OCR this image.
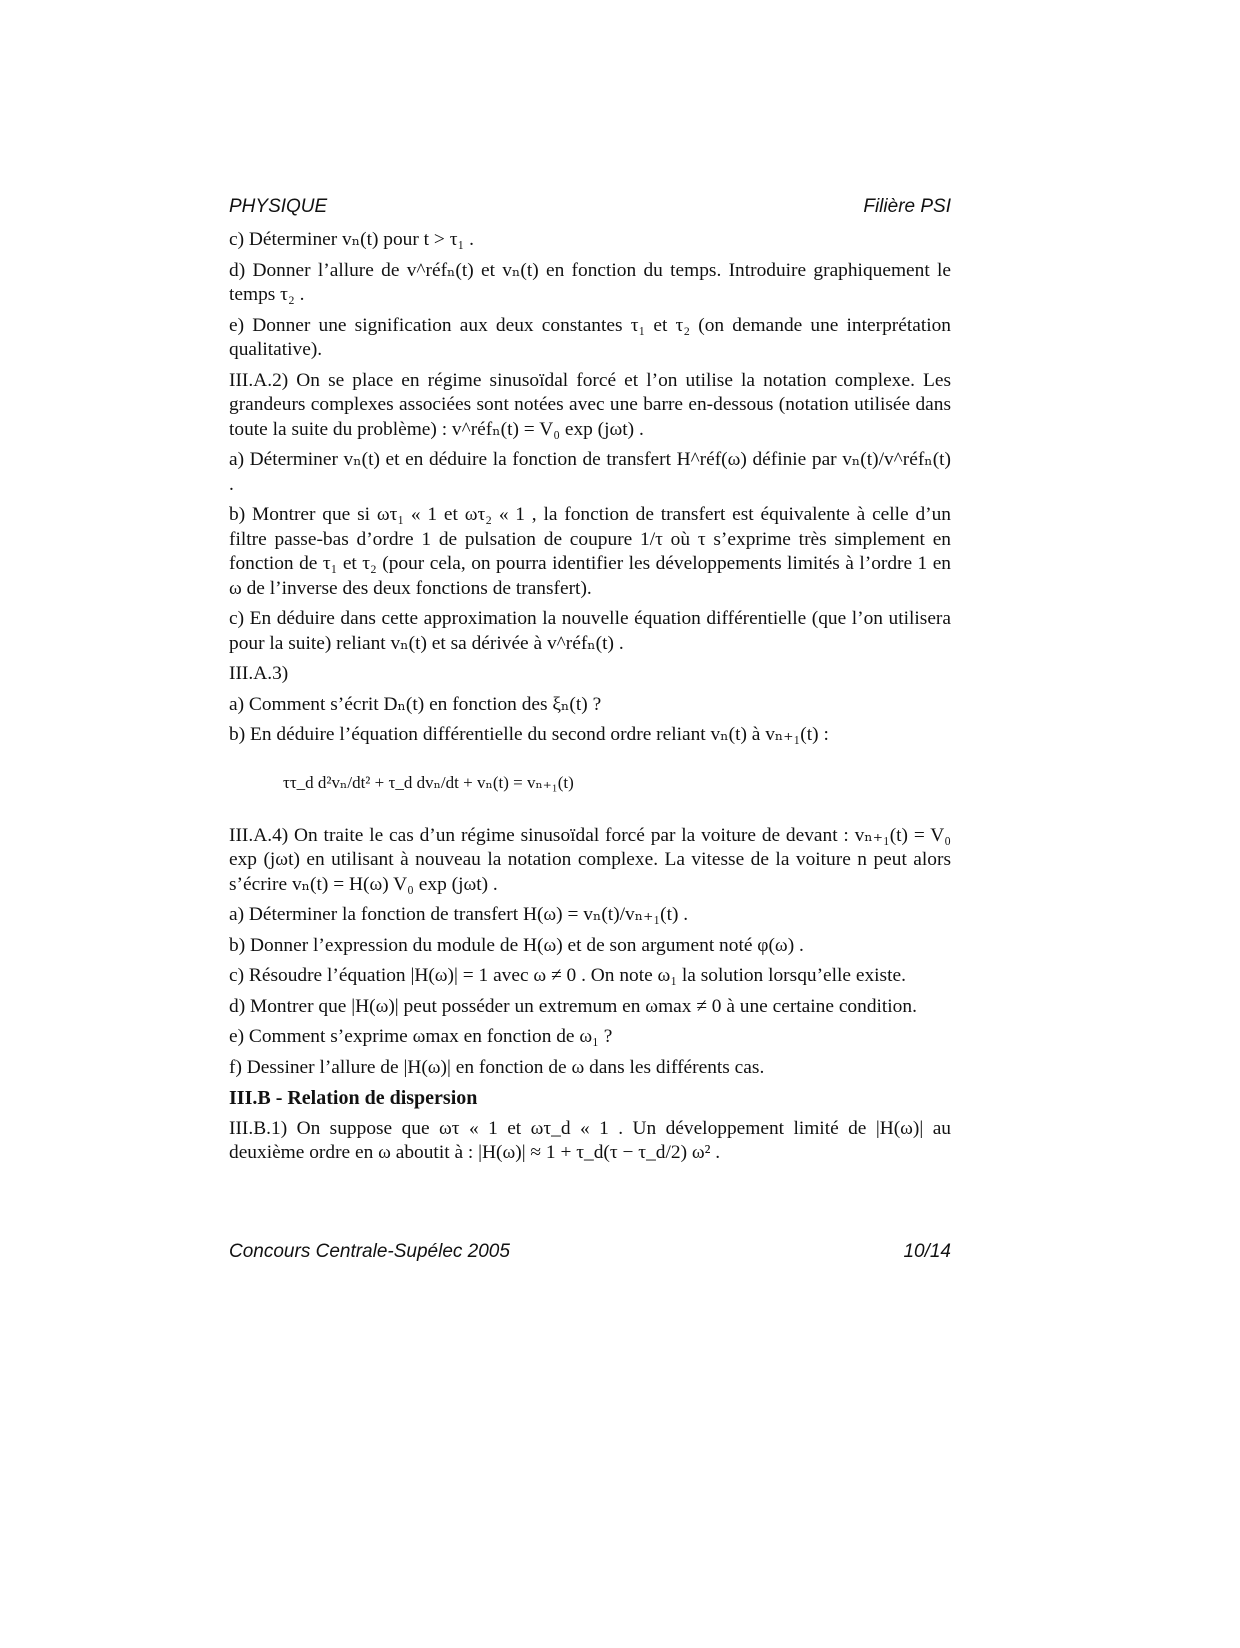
PHYSIQUE	Filière PSI

c) Déterminer vₙ(t) pour t > τ₁ .

d) Donner l’allure de v^réfₙ(t) et vₙ(t) en fonction du temps. Introduire graphiquement le temps τ₂ .

e) Donner une signification aux deux constantes τ₁ et τ₂ (on demande une interprétation qualitative).

III.A.2) On se place en régime sinusoïdal forcé et l’on utilise la notation complexe. Les grandeurs complexes associées sont notées avec une barre en-dessous (notation utilisée dans toute la suite du problème) : v^réfₙ(t) = V₀ exp (jωt) .

a) Déterminer vₙ(t) et en déduire la fonction de transfert H^réf(ω) définie par vₙ(t)/v^réfₙ(t) .

b) Montrer que si ωτ₁ « 1 et ωτ₂ « 1 , la fonction de transfert est équivalente à celle d’un filtre passe-bas d’ordre 1 de pulsation de coupure 1/τ où τ s’exprime très simplement en fonction de τ₁ et τ₂ (pour cela, on pourra identifier les développements limités à l’ordre 1 en ω de l’inverse des deux fonctions de transfert).

c) En déduire dans cette approximation la nouvelle équation différentielle (que l’on utilisera pour la suite) reliant vₙ(t) et sa dérivée à v^réfₙ(t) .

III.A.3)

a) Comment s’écrit Dₙ(t) en fonction des ξₙ(t) ?

b) En déduire l’équation différentielle du second ordre reliant vₙ(t) à vₙ₊₁(t) :

ττ_d d²vₙ/dt² + τ_d dvₙ/dt + vₙ(t) = vₙ₊₁(t)

III.A.4) On traite le cas d’un régime sinusoïdal forcé par la voiture de devant : vₙ₊₁(t) = V₀ exp (jωt) en utilisant à nouveau la notation complexe. La vitesse de la voiture n peut alors s’écrire vₙ(t) = H(ω) V₀ exp (jωt) .

a) Déterminer la fonction de transfert H(ω) = vₙ(t)/vₙ₊₁(t) .

b) Donner l’expression du module de H(ω) et de son argument noté φ(ω) .

c) Résoudre l’équation |H(ω)| = 1 avec ω ≠ 0 . On note ω₁ la solution lorsqu’elle existe.

d) Montrer que |H(ω)| peut posséder un extremum en ωmax ≠ 0 à une certaine condition.

e) Comment s’exprime ωmax en fonction de ω₁ ?

f) Dessiner l’allure de |H(ω)| en fonction de ω dans les différents cas.

III.B - Relation de dispersion

III.B.1) On suppose que ωτ « 1 et ωτ_d « 1 . Un développement limité de |H(ω)| au deuxième ordre en ω aboutit à : |H(ω)| ≈ 1 + τ_d(τ − τ_d/2) ω² .

Concours Centrale-Supélec 2005	10/14
